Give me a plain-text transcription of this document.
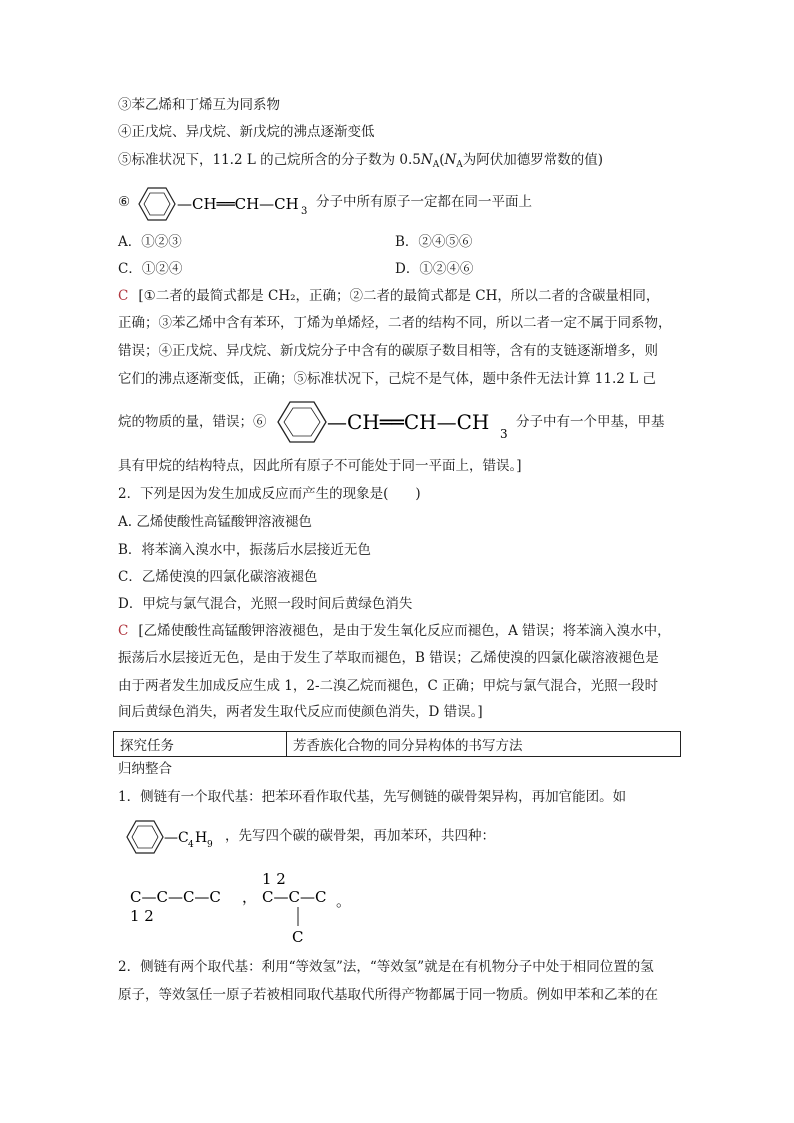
③苯乙烯和丁烯互为同系物
④正戊烷、异戊烷、新戊烷的沸点逐渐变低
⑤标准状况下，11.2 L 的己烷所含的分子数为 $0.5N_A(N_A$为阿伏加德罗常数的值)
⑥	—CH══CH—CH 3
分子中所有原子一定都在同一平面上
A．①②③	B．②④⑤⑥
C．①②④	D．①②④⑥
C [①二者的最简式都是 CH₂，正确；②二者的最简式都是 CH，所以二者的含碳量相同，
正确；③苯乙烯中含有苯环，丁烯为单烯烃，二者的结构不同，所以二者一定不属于同系物，
错误；④正戊烷、异戊烷、新戊烷分子中含有的碳原子数目相等，含有的支链逐渐增多，则
它们的沸点逐渐变低，正确；⑤标准状况下，己烷不是气体，题中条件无法计算 11.2 L 己
烷的物质的量，错误；⑥	—CH══CH—CH 3
分子中有一个甲基，甲基
具有甲烷的结构特点，因此所有原子不可能处于同一平面上，错误。]
2．下列是因为发生加成反应而产生的现象是(　　)
A. 乙烯使酸性高锰酸钾溶液褪色
B．将苯滴入溴水中，振荡后水层接近无色
C．乙烯使溴的四氯化碳溶液褪色
D．甲烷与氯气混合，光照一段时间后黄绿色消失
C [乙烯使酸性高锰酸钾溶液褪色，是由于发生氧化反应而褪色，A 错误；将苯滴入溴水中，
振荡后水层接近无色，是由于发生了萃取而褪色，B 错误；乙烯使溴的四氯化碳溶液褪色是
由于两者发生加成反应生成 1，2-二溴乙烷而褪色，C 正确；甲烷与氯气混合，光照一段时
间后黄绿色消失，两者发生取代反应而使颜色消失，D 错误。]
探究任务	芳香族化合物的同分异构体的书写方法
归纳整合
1．侧链有一个取代基：把苯环看作取代基，先写侧链的碳骨架异构，再加官能团。如
—C 4 H 9
，先写四个碳的碳骨架，再加苯环，共四种：
C—C—C—C
1 2
，
1 2
C—C—C
C
。
2．侧链有两个取代基：利用“等效氢”法，“等效氢”就是在有机物分子中处于相同位置的氢
原子，等效氢任一原子若被相同取代基取代所得产物都属于同一物质。例如甲苯和乙苯的在
